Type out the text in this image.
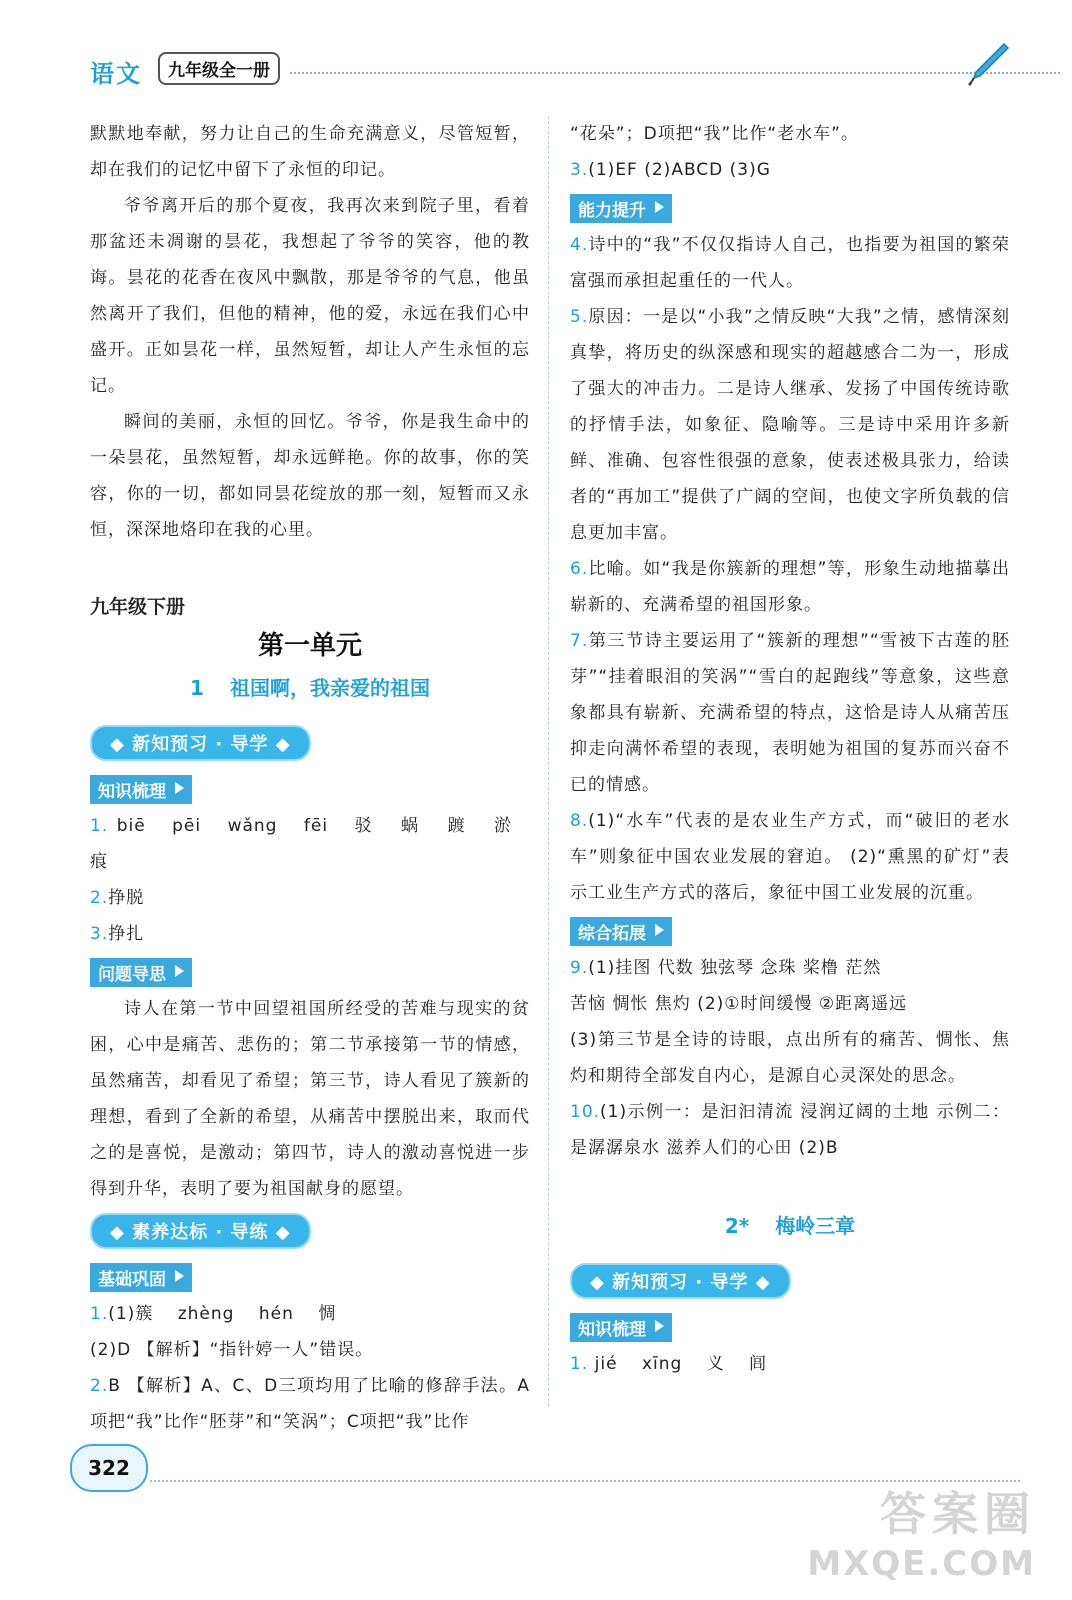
语文	九年级全一册

默默地奉献，努力让自己的生命充满意义，尽管短暂，却在我们的记忆中留下了永恒的印记。

爷爷离开后的那个夏夜，我再次来到院子里，看着那盆还未凋谢的昙花，我想起了爷爷的笑容，他的教诲。昙花的花香在夜风中飘散，那是爷爷的气息，他虽然离开了我们，但他的精神，他的爱，永远在我们心中盛开。正如昙花一样，虽然短暂，却让人产生永恒的忘记。

瞬间的美丽，永恒的回忆。爷爷，你是我生命中的一朵昙花，虽然短暂，却永远鲜艳。你的故事，你的笑容，你的一切，都如同昙花绽放的那一刻，短暂而又永恒，深深地烙印在我的心里。

九年级下册
第一单元
1 祖国啊，我亲爱的祖国
◆ 新知预习 · 导学 ◆
知识梳理

1. biē pēi wǎng fēi 驳 蜗 踱 淤 痕

2.挣脱

3.挣扎

问题导思

诗人在第一节中回望祖国所经受的苦难与现实的贫困，心中是痛苦、悲伤的；第二节承接第一节的情感，虽然痛苦，却看见了希望；第三节，诗人看见了簇新的理想，看到了全新的希望，从痛苦中摆脱出来，取而代之的是喜悦，是激动；第四节，诗人的激动喜悦进一步得到升华，表明了要为祖国献身的愿望。

◆ 素养达标 · 导练 ◆
基础巩固

1.(1)簇 zhèng hén 惆

(2)D 【解析】“指针婷一人”错误。

2.B 【解析】A、C、D三项均用了比喻的修辞手法。A项把“我”比作“胚芽”和“笑涡”；C项把“我”比作

“花朵”；D项把“我”比作“老水车”。

3.(1)EF (2)ABCD (3)G

能力提升

4.诗中的“我”不仅仅指诗人自己，也指要为祖国的繁荣富强而承担起重任的一代人。

5.原因：一是以“小我”之情反映“大我”之情，感情深刻真挚，将历史的纵深感和现实的超越感合二为一，形成了强大的冲击力。二是诗人继承、发扬了中国传统诗歌的抒情手法，如象征、隐喻等。三是诗中采用许多新鲜、准确、包容性很强的意象，使表述极具张力，给读者的“再加工”提供了广阔的空间，也使文字所负载的信息更加丰富。

6.比喻。如“我是你簇新的理想”等，形象生动地描摹出崭新的、充满希望的祖国形象。

7.第三节诗主要运用了“簇新的理想”“雪被下古莲的胚芽”“挂着眼泪的笑涡”“雪白的起跑线”等意象，这些意象都具有崭新、充满希望的特点，这恰是诗人从痛苦压抑走向满怀希望的表现，表明她为祖国的复苏而兴奋不已的情感。

8.(1)“水车”代表的是农业生产方式，而“破旧的老水车”则象征中国农业发展的窘迫。 (2)“熏黑的矿灯”表示工业生产方式的落后，象征中国工业发展的沉重。

综合拓展

9.(1)挂图 代数 独弦琴 念珠 桨橹 茫然

苦恼 惆怅 焦灼 (2)①时间缓慢 ②距离遥远

(3)第三节是全诗的诗眼，点出所有的痛苦、惆怅、焦灼和期待全部发自内心，是源自心灵深处的思念。

10.(1)示例一：是汩汩清流 浸润辽阔的土地 示例二：是潺潺泉水 滋养人们的心田 (2)B

2* 梅岭三章
◆ 新知预习 · 导学 ◆
知识梳理

1. jié xīng 义 闾

322
答案圈
MXQE.COM
